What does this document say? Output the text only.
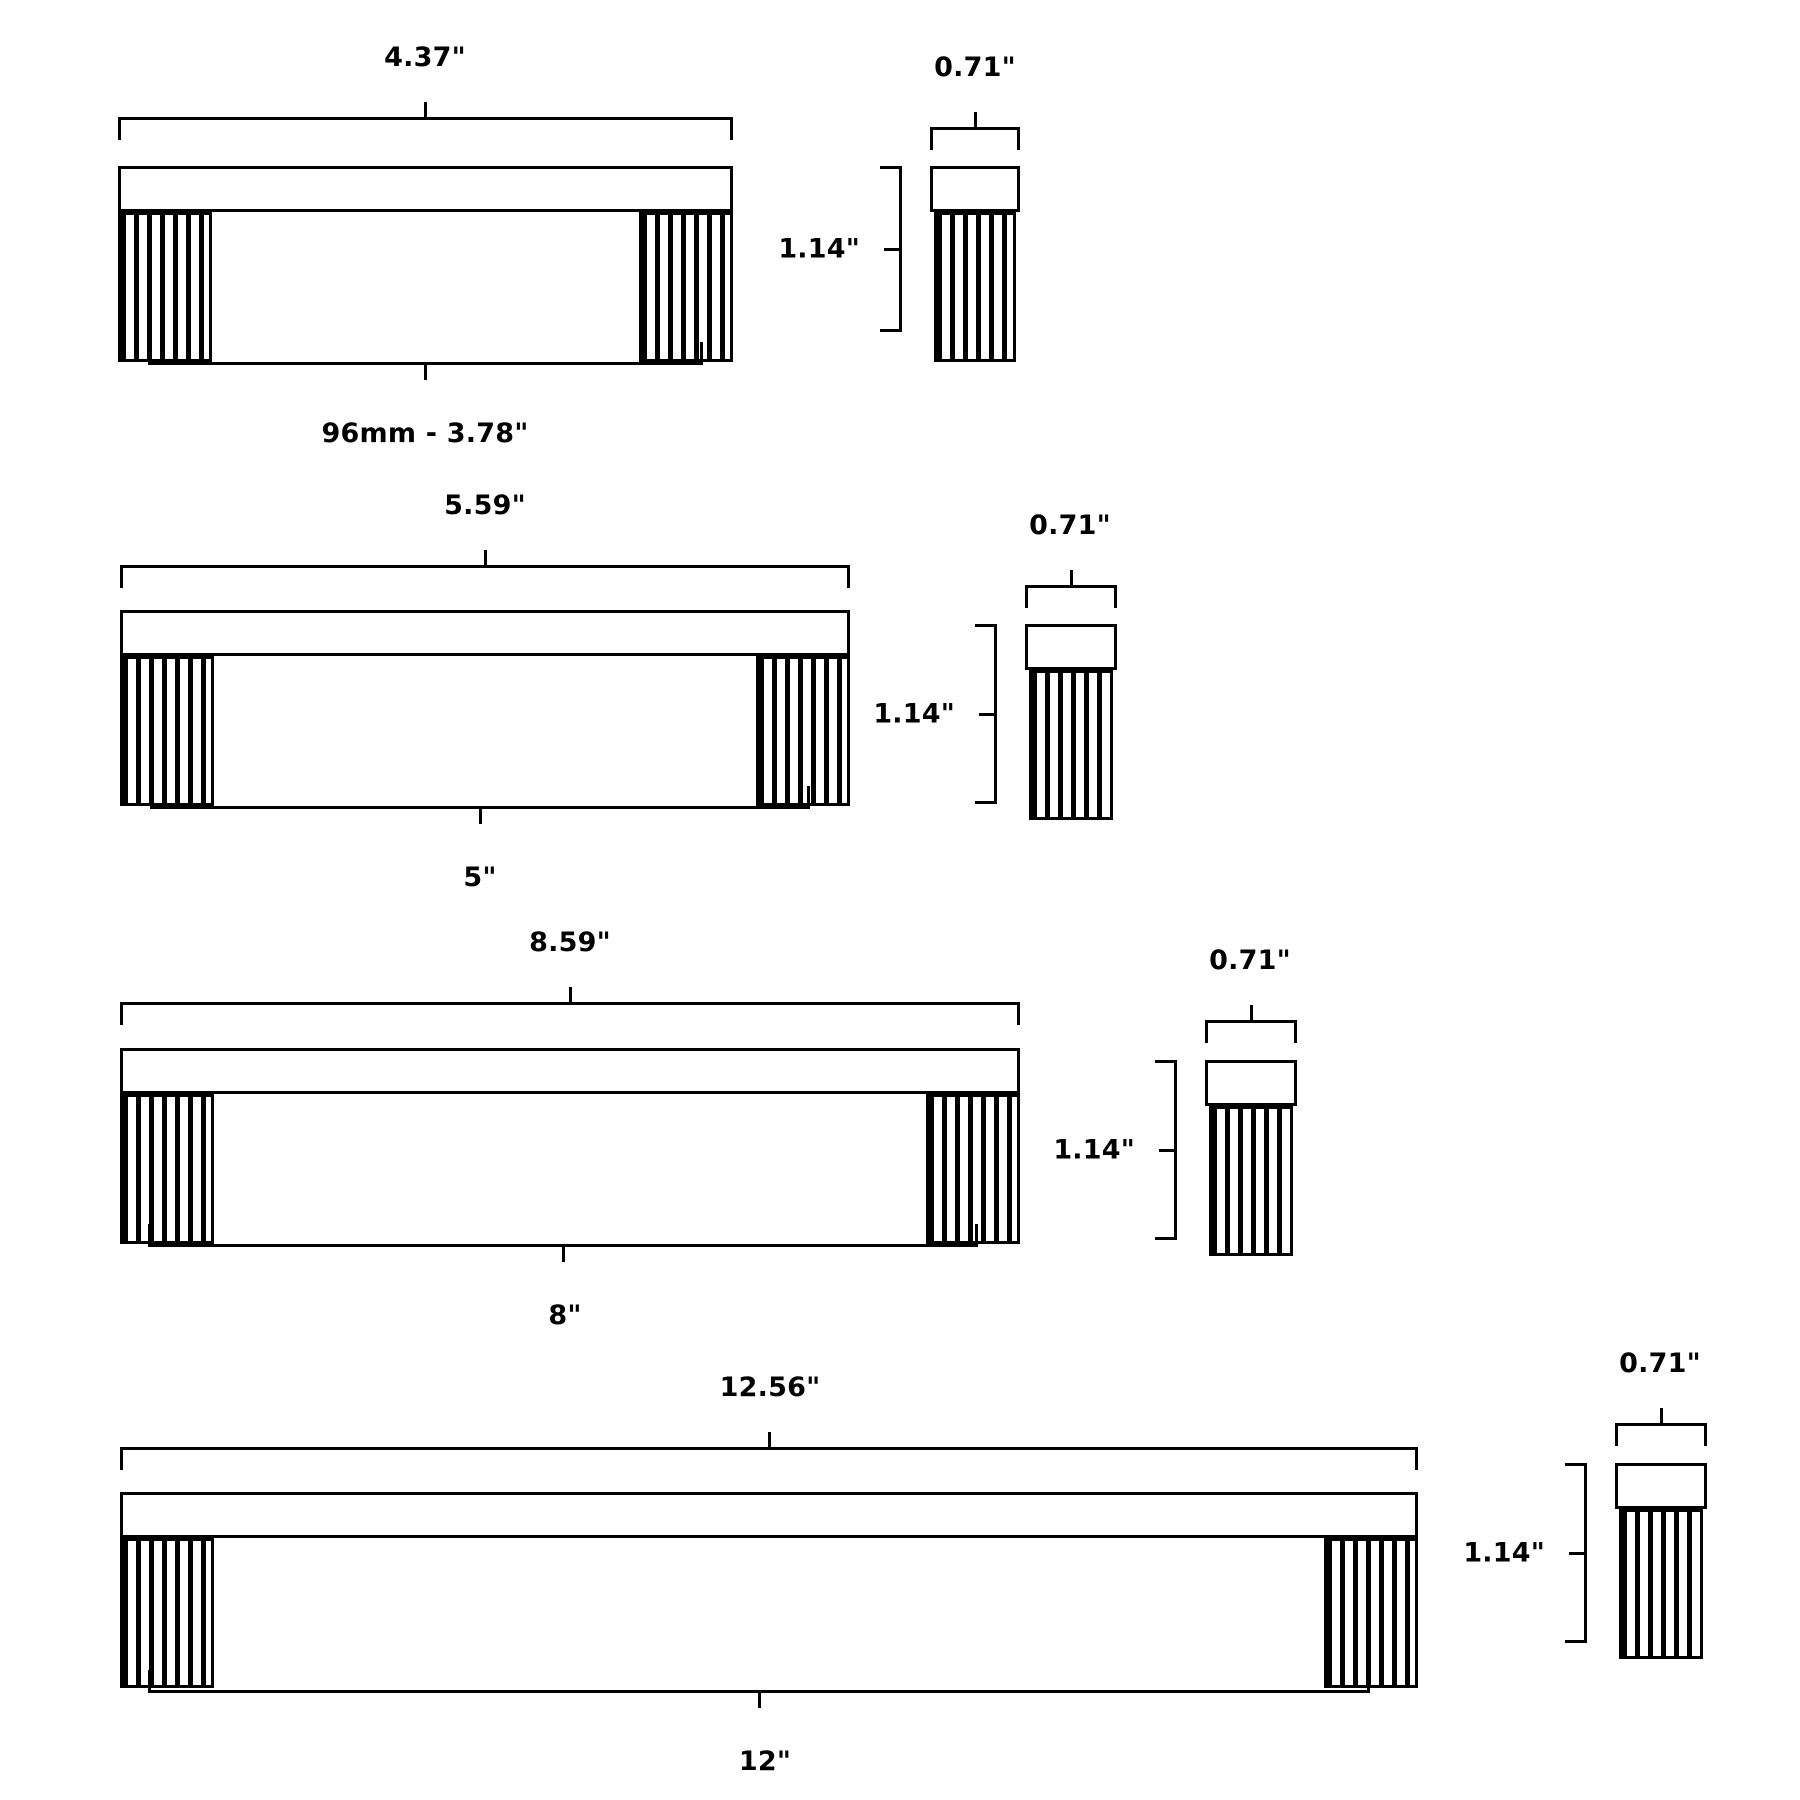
4.37"
96mm - 3.78"
0.71"
1.14"
5.59"
5"
0.71"
1.14"
8.59"
8"
0.71"
1.14"
12.56"
12"
0.71"
1.14"
